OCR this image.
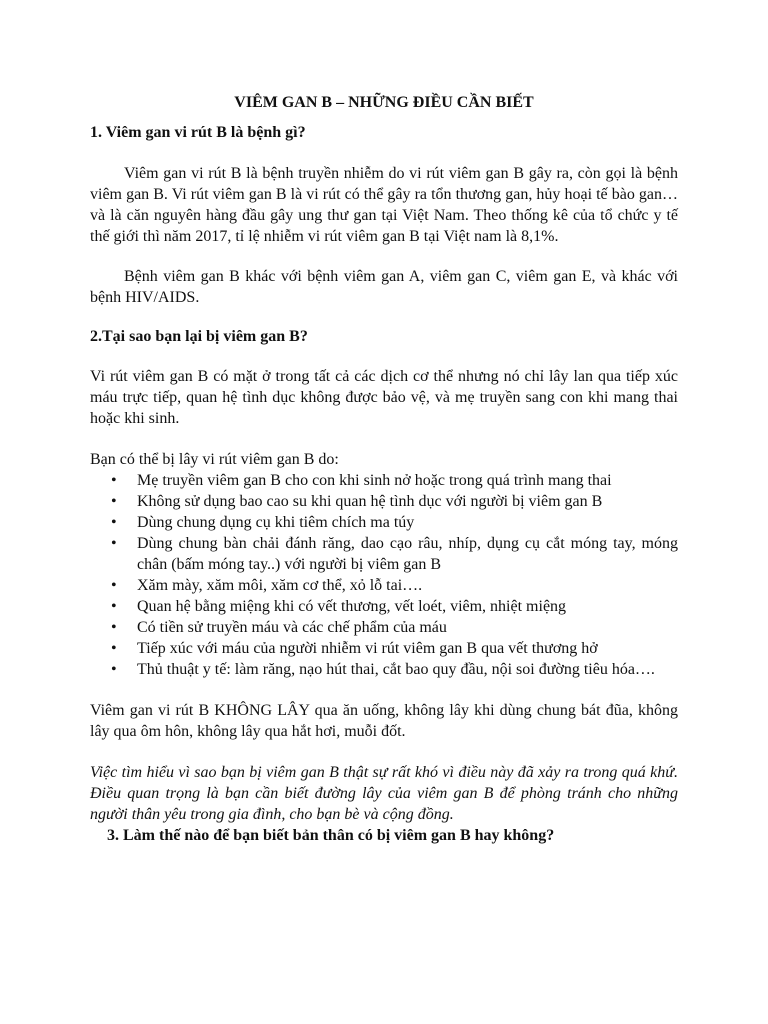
VIÊM GAN B – NHỮNG ĐIỀU CẦN BIẾT
1. Viêm gan vi rút B là bệnh gì?
Viêm gan vi rút B là bệnh truyền nhiễm do vi rút viêm gan B gây ra, còn gọi là bệnh viêm gan B. Vi rút viêm gan B là vi rút có thể gây ra tổn thương gan, hủy hoại tế bào gan… và là căn nguyên hàng đầu gây ung thư gan tại Việt Nam. Theo thống kê của tổ chức y tế thế giới thì năm 2017, tỉ lệ nhiễm vi rút viêm gan B tại Việt nam là 8,1%.
Bệnh viêm gan B khác với bệnh viêm gan A, viêm gan C, viêm gan E, và khác với bệnh HIV/AIDS.
2.Tại sao bạn lại bị viêm gan B?
Vi rút viêm gan B có mặt ở trong tất cả các dịch cơ thể nhưng nó chỉ lây lan qua tiếp xúc máu trực tiếp, quan hệ tình dục không được bảo vệ, và mẹ truyền sang con khi mang thai hoặc khi sinh.
Bạn có thể bị lây vi rút viêm gan B do:
• Mẹ truyền viêm gan B cho con khi sinh nở hoặc trong quá trình mang thai
• Không sử dụng bao cao su khi quan hệ tình dục với người bị viêm gan B
• Dùng chung dụng cụ khi tiêm chích ma túy
• Dùng chung bàn chải đánh răng, dao cạo râu, nhíp, dụng cụ cắt móng tay, móng chân (bấm móng tay..) với người bị viêm gan B
• Xăm mày, xăm môi, xăm cơ thể, xỏ lỗ tai….
• Quan hệ bằng miệng khi có vết thương, vết loét, viêm, nhiệt miệng
• Có tiền sử truyền máu và các chế phẩm của máu
• Tiếp xúc với máu của người nhiễm vi rút viêm gan B qua vết thương hở
• Thủ thuật y tế: làm răng, nạo hút thai, cắt bao quy đầu, nội soi đường tiêu hóa….
Viêm gan vi rút B KHÔNG LÂY qua ăn uống, không lây khi dùng chung bát đũa, không lây qua ôm hôn, không lây qua hắt hơi, muỗi đốt.
Việc tìm hiểu vì sao bạn bị viêm gan B thật sự rất khó vì điều này đã xảy ra trong quá khứ. Điều quan trọng là bạn cần biết đường lây của viêm gan B để phòng tránh cho những người thân yêu trong gia đình, cho bạn bè và cộng đồng.
3. Làm thế nào để bạn biết bản thân có bị viêm gan B hay không?
